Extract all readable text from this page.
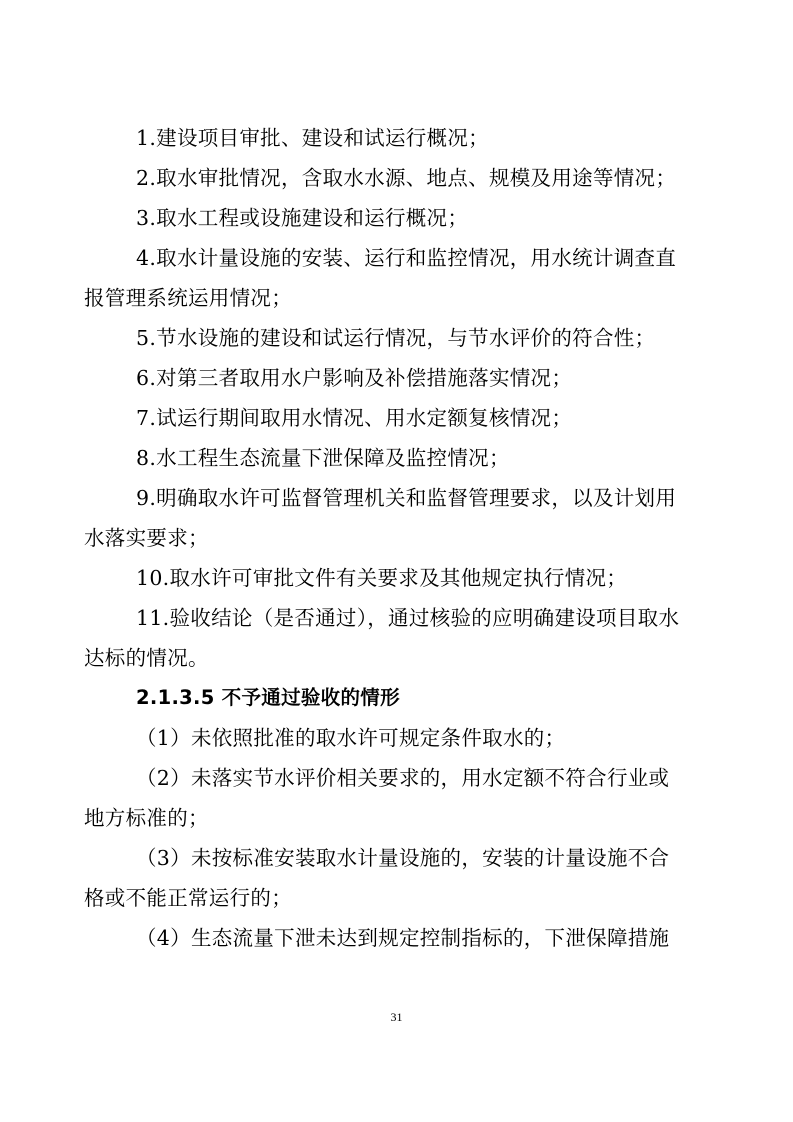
1.建设项目审批、建设和试运行概况；
2.取水审批情况，含取水水源、地点、规模及用途等情况；
3.取水工程或设施建设和运行概况；
4.取水计量设施的安装、运行和监控情况，用水统计调查直
报管理系统运用情况；
5.节水设施的建设和试运行情况，与节水评价的符合性；
6.对第三者取用水户影响及补偿措施落实情况；
7.试运行期间取用水情况、用水定额复核情况；
8.水工程生态流量下泄保障及监控情况；
9.明确取水许可监督管理机关和监督管理要求，以及计划用
水落实要求；
10.取水许可审批文件有关要求及其他规定执行情况；
11.验收结论（是否通过），通过核验的应明确建设项目取水
达标的情况。
2.1.3.5 不予通过验收的情形
（1）未依照批准的取水许可规定条件取水的；
（2）未落实节水评价相关要求的，用水定额不符合行业或
地方标准的；
（3）未按标准安装取水计量设施的，安装的计量设施不合
格或不能正常运行的；
（4）生态流量下泄未达到规定控制指标的，下泄保障措施
31
